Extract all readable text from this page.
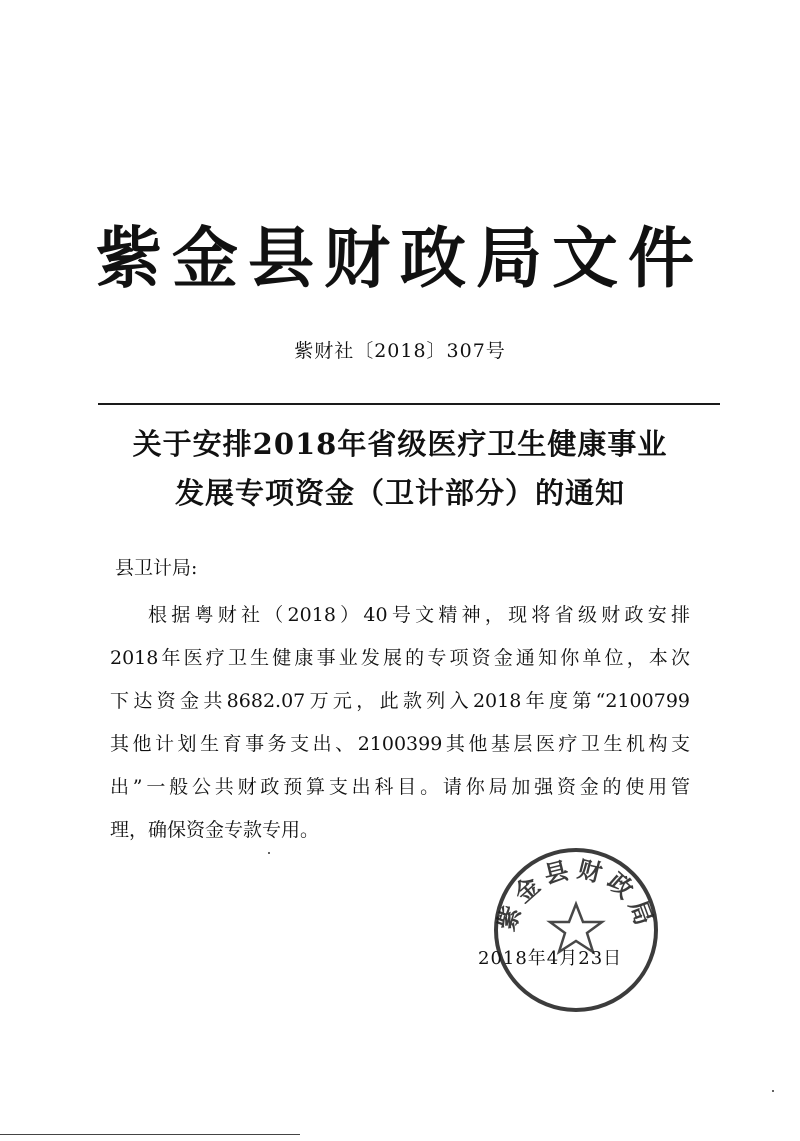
紫金县财政局文件
紫财社〔2018〕307号
关于安排2018年省级医疗卫生健康事业
发展专项资金（卫计部分）的通知
县卫计局:
根据粤财社（2018）40号文精神，现将省级财政安排
2018年医疗卫生健康事业发展的专项资金通知你单位，本次
下达资金共8682.07万元，此款列入2018年度第“2100799
其他计划生育事务支出、2100399其他基层医疗卫生机构支
出”一般公共财政预算支出科目。请你局加强资金的使用管
理，确保资金专款专用。
2018年4月23日
紫金县财政局
